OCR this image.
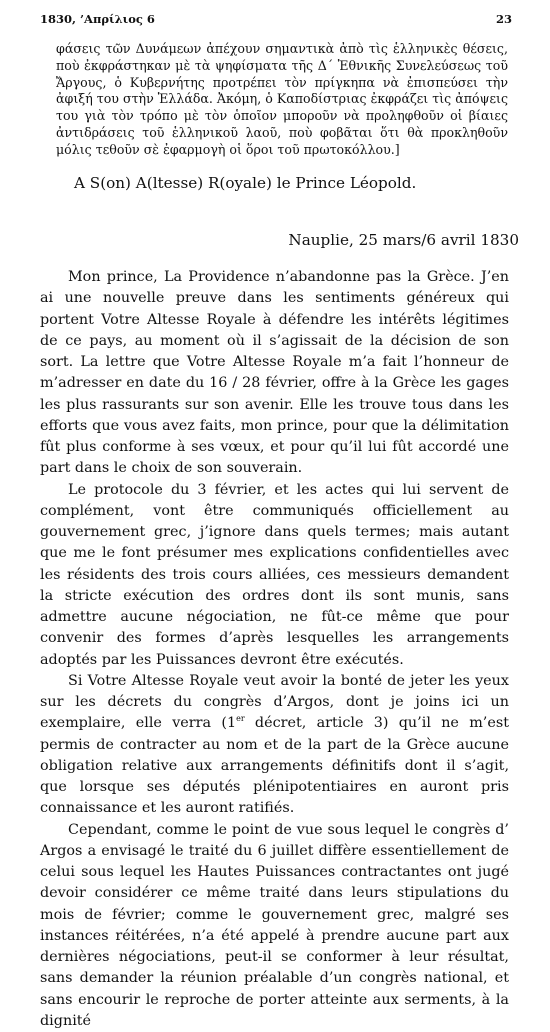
1830, ’Απρίλιος 6	23
φάσεις τῶν Δυνάμεων ἀπέχουν σημαντικὰ ἀπὸ τὶς ἑλληνικὲς θέσεις, ποὺ ἐκφράστηκαν μὲ τὰ ψηφίσματα τῆς Δ΄ Ἐθνικῆς Συνελεύσεως τοῦ Ἄργους, ὁ Κυβερνήτης προτρέπει τὸν πρίγκηπα νὰ ἐπισπεύσει τὴν ἀφιξή του στὴν Ἑλλάδα. Ἀκόμη, ὁ Καποδίστριας ἐκφράζει τὶς ἀπόψεις του γιὰ τὸν τρόπο μὲ τὸν ὁποῖον μποροῦν νὰ προληφθοῦν οἱ βίαιες ἀντιδράσεις τοῦ ἑλληνικοῦ λαοῦ, ποὺ φοβᾶται ὅτι θὰ προκληθοῦν μόλις τεθοῦν σὲ ἐφαρμογὴ οἱ ὅροι τοῦ πρωτοκόλλου.]
A S(on) A(ltesse) R(oyale) le Prince Léopold.
Nauplie, 25 mars/6 avril 1830

Mon prince, La Providence n’abandonne pas la Grèce. J’en ai une nouvelle preuve dans les sentiments généreux qui portent Votre Altesse Royale à défendre les intérêts légitimes de ce pays, au moment où il s’agissait de la décision de son sort. La lettre que Votre Altesse Royale m’a fait l’honneur de m’adresser en date du 16 / 28 février, offre à la Grèce les gages les plus rassurants sur son avenir. Elle les trouve tous dans les efforts que vous avez faits, mon prince, pour que la délimitation fût plus conforme à ses vœux, et pour qu’il lui fût accordé une part dans le choix de son souverain.

Le protocole du 3 février, et les actes qui lui servent de complément, vont être communiqués officiellement au gouvernement grec, j’ignore dans quels termes; mais autant que me le font présumer mes explications confidentielles avec les résidents des trois cours alliées, ces messieurs demandent la stricte exécution des ordres dont ils sont munis, sans admettre aucune négociation, ne fût-ce même que pour convenir des formes d’après lesquelles les arrangements adoptés par les Puissances devront être exécutés.

Si Votre Altesse Royale veut avoir la bonté de jeter les yeux sur les décrets du congrès d’Argos, dont je joins ici un exemplaire, elle verra (1er décret, article 3) qu’il ne m’est permis de contracter au nom et de la part de la Grèce aucune obligation relative aux arrangements définitifs dont il s’agit, que lorsque ses députés plénipotentiaires en auront pris connaissance et les auront ratifiés.

Cependant, comme le point de vue sous lequel le congrès d’ Argos a envisagé le traité du 6 juillet diffère essentiellement de celui sous lequel les Hautes Puissances contractantes ont jugé devoir considérer ce même traité dans leurs stipulations du mois de février; comme le gouvernement grec, malgré ses instances réitérées, n’a été appelé à prendre aucune part aux dernières négociations, peut-il se conformer à leur résultat, sans demander la réunion préalable d’un congrès national, et sans encourir le reproche de porter atteinte aux serments, à la dignité
